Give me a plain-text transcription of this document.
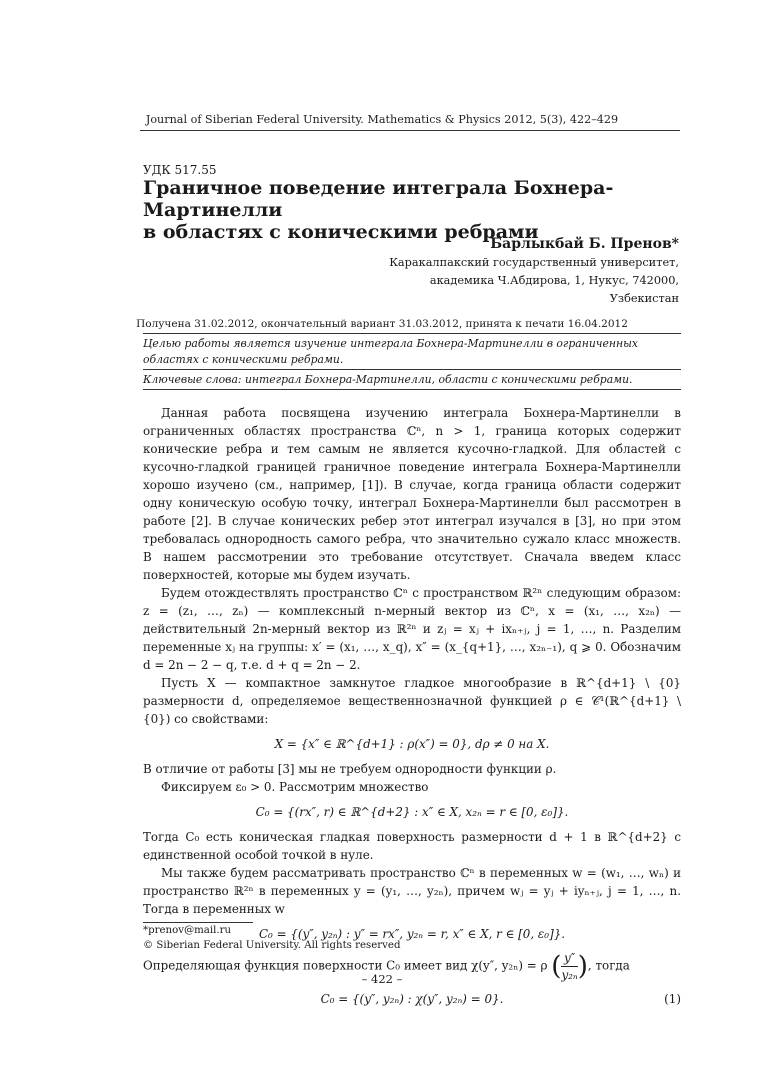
Journal of Siberian Federal University. Mathematics & Physics 2012, 5(3), 422–429
УДК 517.55
Граничное поведение интеграла Бохнера-Мартинелли
в областях с коническими ребрами
Барлыкбай Б. Пренов*
Каракалпакский государственный университет,
академика Ч.Абдирова, 1, Нукус, 742000,
Узбекистан
Получена 31.02.2012, окончательный вариант 31.03.2012, принята к печати 16.04.2012
Целью работы является изучение интеграла Бохнера-Мартинелли в ограниченных областях с коническими ребрами.
Ключевые слова: интеграл Бохнера-Мартинелли, области с коническими ребрами.

Данная работа посвящена изучению интеграла Бохнера-Мартинелли в ограниченных областях пространства ℂⁿ, n > 1, граница которых содержит конические ребра и тем самым не является кусочно-гладкой. Для областей с кусочно-гладкой границей граничное поведение интеграла Бохнера-Мартинелли хорошо изучено (см., например, [1]). В случае, когда граница области содержит одну коническую особую точку, интеграл Бохнера-Мартинелли был рассмотрен в работе [2]. В случае конических ребер этот интеграл изучался в [3], но при этом требовалась однородность самого ребра, что значительно сужало класс множеств. В нашем рассмотрении это требование отсутствует. Сначала введем класс поверхностей, которые мы будем изучать.

Будем отождествлять пространство ℂⁿ с пространством ℝ²ⁿ следующим образом: z = (z₁, …, zₙ) — комплексный n-мерный вектор из ℂⁿ, x = (x₁, …, x₂ₙ) — действительный 2n-мерный вектор из ℝ²ⁿ и zⱼ = xⱼ + ixₙ₊ⱼ, j = 1, …, n. Разделим переменные xⱼ на группы: x′ = (x₁, …, x_q), x″ = (x_{q+1}, …, x₂ₙ₋₁), q ⩾ 0. Обозначим d = 2n − 2 − q, т.е. d + q = 2n − 2.

Пусть X — компактное замкнутое гладкое многообразие в ℝ^{d+1} \ {0} размерности d, определяемое вещественнозначной функцией ρ ∈ 𝒞¹(ℝ^{d+1} \ {0}) со свойствами:

X = {x″ ∈ ℝ^{d+1} : ρ(x″) = 0}, dρ ≠ 0 на X.

В отличие от работы [3] мы не требуем однородности функции ρ.

Фиксируем ε₀ > 0. Рассмотрим множество

C₀ = {(rx″, r) ∈ ℝ^{d+2} : x″ ∈ X, x₂ₙ = r ∈ [0, ε₀]}.

Тогда C₀ есть коническая гладкая поверхность размерности d + 1 в ℝ^{d+2} с единственной особой точкой в нуле.

Мы также будем рассматривать пространство ℂⁿ в переменных w = (w₁, …, wₙ) и пространство ℝ²ⁿ в переменных y = (y₁, …, y₂ₙ), причем wⱼ = yⱼ + iyₙ₊ⱼ, j = 1, …, n. Тогда в переменных w

C₀ = {(y″, y₂ₙ) : y″ = rx″, y₂ₙ = r, x″ ∈ X, r ∈ [0, ε₀]}.

Определяющая функция поверхности C₀ имеет вид χ(y″, y₂ₙ) = ρ ( $\frac{y''}{\text{y₂ₙ}}$ ), тогда

C₀ = {(y″, y₂ₙ) : χ(y″, y₂ₙ) = 0}.	(1)
*prenov@mail.ru
© Siberian Federal University. All rights reserved
– 422 –
